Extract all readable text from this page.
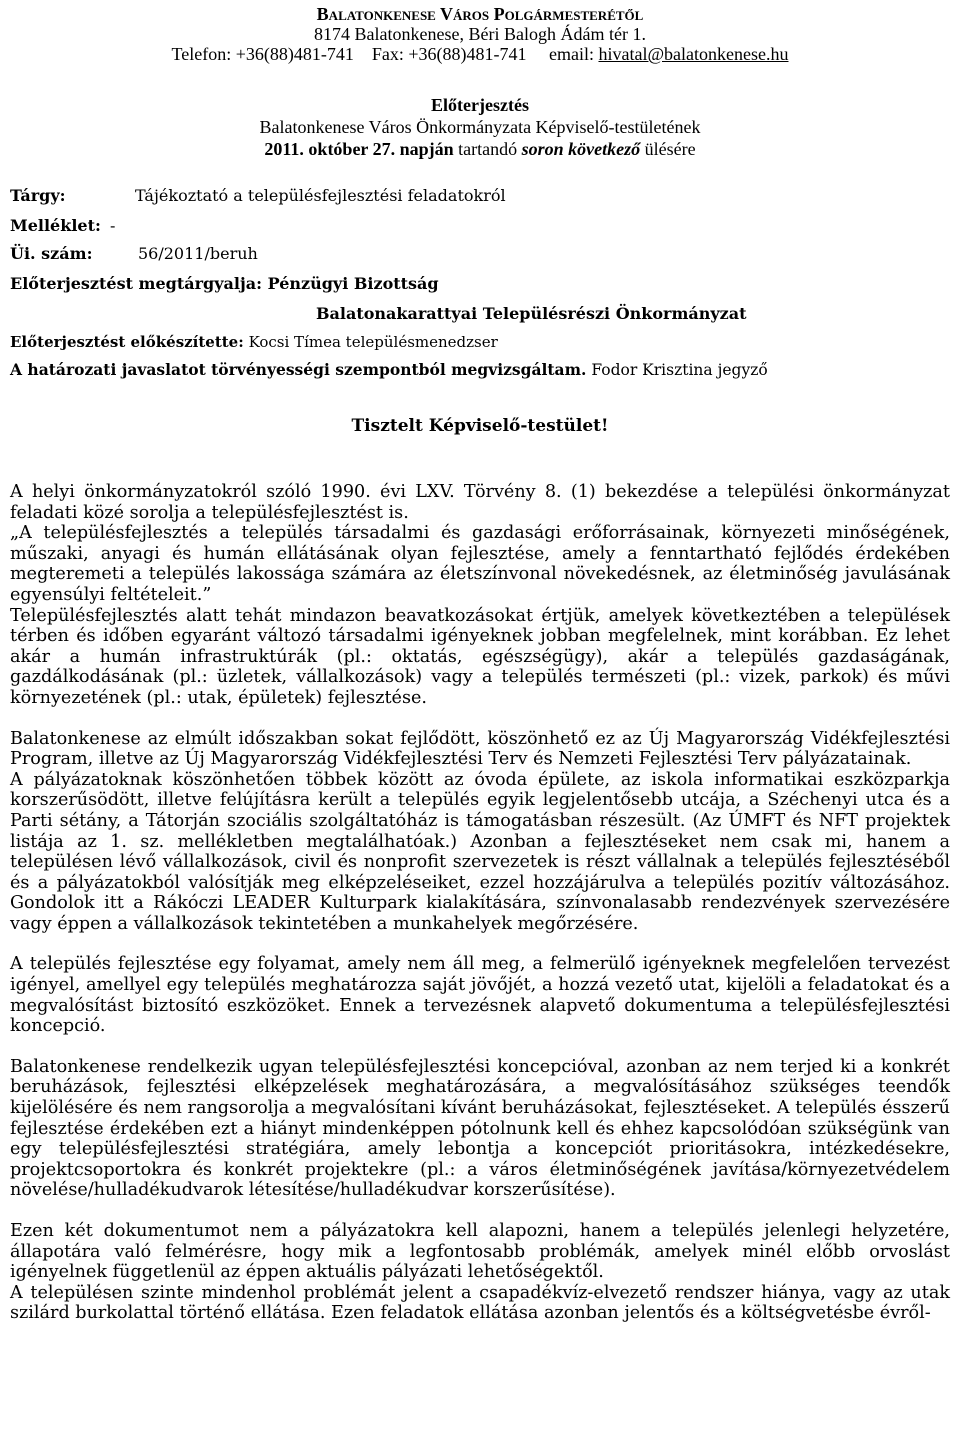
Balatonkenese Város Polgármesterétől
8174 Balatonkenese, Béri Balogh Ádám tér 1.
Telefon: +36(88)481-741 Fax: +36(88)481-741 email: hivatal@balatonkenese.hu
Előterjesztés
Balatonkenese Város Önkormányzata Képviselő-testületének
2011. október 27. napján tartandó soron következő ülésére
Tárgy:	Tájékoztató a településfejlesztési feladatokról
Melléklet: -
Üi. szám:	56/2011/beruh
Előterjesztést megtárgyalja: Pénzügyi Bizottság
Balatonakarattyai Településrészi Önkormányzat
Előterjesztést előkészítette: Kocsi Tímea településmenedzser
A határozati javaslatot törvényességi szempontból megvizsgáltam. Fodor Krisztina jegyző
Tisztelt Képviselő-testület!

A helyi önkormányzatokról szóló 1990. évi LXV. Törvény 8. (1) bekezdése a települési önkormányzat feladati közé sorolja a településfejlesztést is.

„A településfejlesztés a település társadalmi és gazdasági erőforrásainak, környezeti minőségének, műszaki, anyagi és humán ellátásának olyan fejlesztése, amely a fenntartható fejlődés érdekében megteremeti a település lakossága számára az életszínvonal növekedésnek, az életminőség javulásának egyensúlyi feltételeit.”

Településfejlesztés alatt tehát mindazon beavatkozásokat értjük, amelyek következtében a települések térben és időben egyaránt változó társadalmi igényeknek jobban megfelelnek, mint korábban. Ez lehet akár a humán infrastruktúrák (pl.: oktatás, egészségügy), akár a település gazdaságának, gazdálkodásának (pl.: üzletek, vállalkozások) vagy a település természeti (pl.: vizek, parkok) és művi környezetének (pl.: utak, épületek) fejlesztése.

Balatonkenese az elmúlt időszakban sokat fejlődött, köszönhető ez az Új Magyarország Vidékfejlesztési Program, illetve az Új Magyarország Vidékfejlesztési Terv és Nemzeti Fejlesztési Terv pályázatainak.

A pályázatoknak köszönhetően többek között az óvoda épülete, az iskola informatikai eszközparkja korszerűsödött, illetve felújításra került a település egyik legjelentősebb utcája, a Széchenyi utca és a Parti sétány, a Tátorján szociális szolgáltatóház is támogatásban részesült. (Az ÚMFT és NFT projektek listája az 1. sz. mellékletben megtalálhatóak.) Azonban a fejlesztéseket nem csak mi, hanem a településen lévő vállalkozások, civil és nonprofit szervezetek is részt vállalnak a település fejlesztéséből és a pályázatokból valósítják meg elképzeléseiket, ezzel hozzájárulva a település pozitív változásához. Gondolok itt a Rákóczi LEADER Kulturpark kialakítására, színvonalasabb rendezvények szervezésére vagy éppen a vállalkozások tekintetében a munkahelyek megőrzésére.

A település fejlesztése egy folyamat, amely nem áll meg, a felmerülő igényeknek megfelelően tervezést igényel, amellyel egy település meghatározza saját jövőjét, a hozzá vezető utat, kijelöli a feladatokat és a megvalósítást biztosító eszközöket. Ennek a tervezésnek alapvető dokumentuma a településfejlesztési koncepció.

Balatonkenese rendelkezik ugyan településfejlesztési koncepcióval, azonban az nem terjed ki a konkrét beruházások, fejlesztési elképzelések meghatározására, a megvalósításához szükséges teendők kijelölésére és nem rangsorolja a megvalósítani kívánt beruházásokat, fejlesztéseket. A település ésszerű fejlesztése érdekében ezt a hiányt mindenképpen pótolnunk kell és ehhez kapcsolódóan szükségünk van egy településfejlesztési stratégiára, amely lebontja a koncepciót prioritásokra, intézkedésekre, projektcsoportokra és konkrét projektekre (pl.: a város életminőségének javítása/környezetvédelem növelése/hulladékudvarok létesítése/hulladékudvar korszerűsítése).

Ezen két dokumentumot nem a pályázatokra kell alapozni, hanem a település jelenlegi helyzetére, állapotára való felmérésre, hogy mik a legfontosabb problémák, amelyek minél előbb orvoslást igényelnek függetlenül az éppen aktuális pályázati lehetőségektől.

A településen szinte mindenhol problémát jelent a csapadékvíz-elvezető rendszer hiánya, vagy az utak szilárd burkolattal történő ellátása. Ezen feladatok ellátása azonban jelentős és a költségvetésbe évről-
